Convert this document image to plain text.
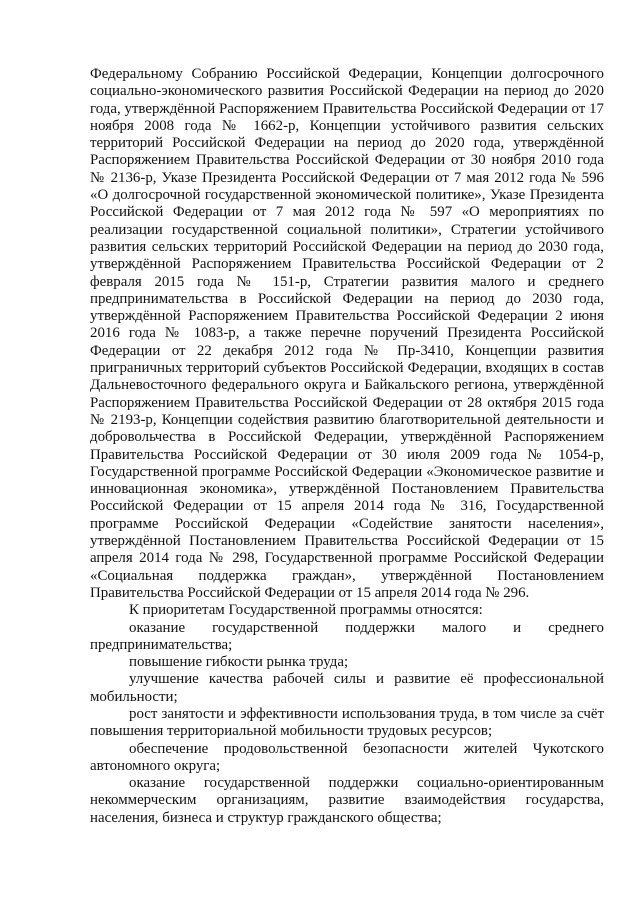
Федеральному Собранию Российской Федерации, Концепции долгосрочного социально-экономического развития Российской Федерации на период до 2020 года, утверждённой Распоряжением Правительства Российской Федерации от 17 ноября 2008 года № 1662-р, Концепции устойчивого развития сельских территорий Российской Федерации на период до 2020 года, утверждённой Распоряжением Правительства Российской Федерации от 30 ноября 2010 года № 2136-р, Указе Президента Российской Федерации от 7 мая 2012 года № 596 «О долгосрочной государственной экономической политике», Указе Президента Российской Федерации от 7 мая 2012 года № 597 «О мероприятиях по реализации государственной социальной политики», Стратегии устойчивого развития сельских территорий Российской Федерации на период до 2030 года, утверждённой Распоряжением Правительства Российской Федерации от 2 февраля 2015 года № 151-р, Стратегии развития малого и среднего предпринимательства в Российской Федерации на период до 2030 года, утверждённой Распоряжением Правительства Российской Федерации 2 июня 2016 года № 1083-р, а также перечне поручений Президента Российской Федерации от 22 декабря 2012 года № Пр-3410, Концепции развития приграничных территорий субъектов Российской Федерации, входящих в состав Дальневосточного федерального округа и Байкальского региона, утверждённой Распоряжением Правительства Российской Федерации от 28 октября 2015 года № 2193-р, Концепции содействия развитию благотворительной деятельности и добровольчества в Российской Федерации, утверждённой Распоряжением Правительства Российской Федерации от 30 июля 2009 года № 1054-р, Государственной программе Российской Федерации «Экономическое развитие и инновационная экономика», утверждённой Постановлением Правительства Российской Федерации от 15 апреля 2014 года № 316, Государственной программе Российской Федерации «Содействие занятости населения», утверждённой Постановлением Правительства Российской Федерации от 15 апреля 2014 года № 298, Государственной программе Российской Федерации «Социальная поддержка граждан», утверждённой Постановлением Правительства Российской Федерации от 15 апреля 2014 года № 296.

К приоритетам Государственной программы относятся:

оказание государственной поддержки малого и среднего предпринимательства;

повышение гибкости рынка труда;

улучшение качества рабочей силы и развитие её профессиональной мобильности;

рост занятости и эффективности использования труда, в том числе за счёт повышения территориальной мобильности трудовых ресурсов;

обеспечение продовольственной безопасности жителей Чукотского автономного округа;

оказание государственной поддержки социально-ориентированным некоммерческим организациям, развитие взаимодействия государства, населения, бизнеса и структур гражданского общества;
